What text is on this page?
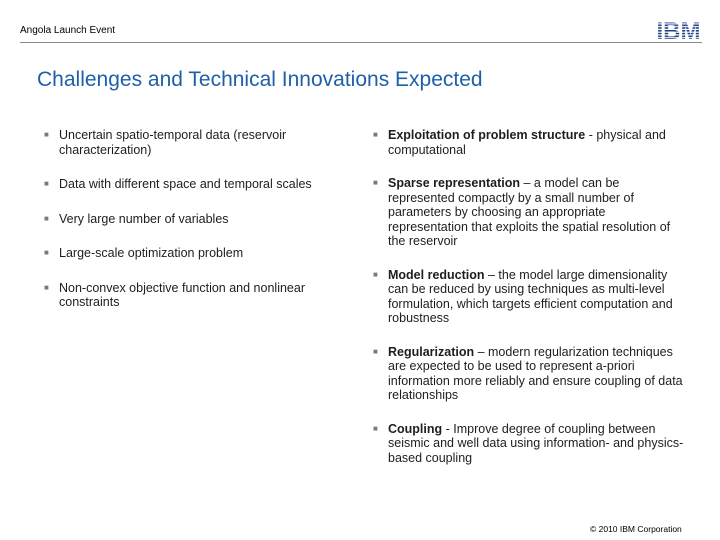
Angola Launch Event	IBM
Challenges and Technical Innovations Expected
■ Uncertain spatio-temporal data (reservoir characterization)
■ Data with different space and temporal scales
■ Very large number of variables
■ Large-scale optimization problem
■ Non-convex objective function and nonlinear constraints
■ Exploitation of problem structure - physical and computational
■ Sparse representation – a model can be represented compactly by a small number of parameters by choosing an appropriate representation that exploits the spatial resolution of the reservoir
■ Model reduction – the model large dimensionality can be reduced by using techniques as multi-level formulation, which targets efficient computation and robustness
■ Regularization – modern regularization techniques are expected to be used to represent a-priori information more reliably and ensure coupling of data relationships
■ Coupling - Improve degree of coupling between seismic and well data using information- and physics-based coupling
© 2010 IBM Corporation
